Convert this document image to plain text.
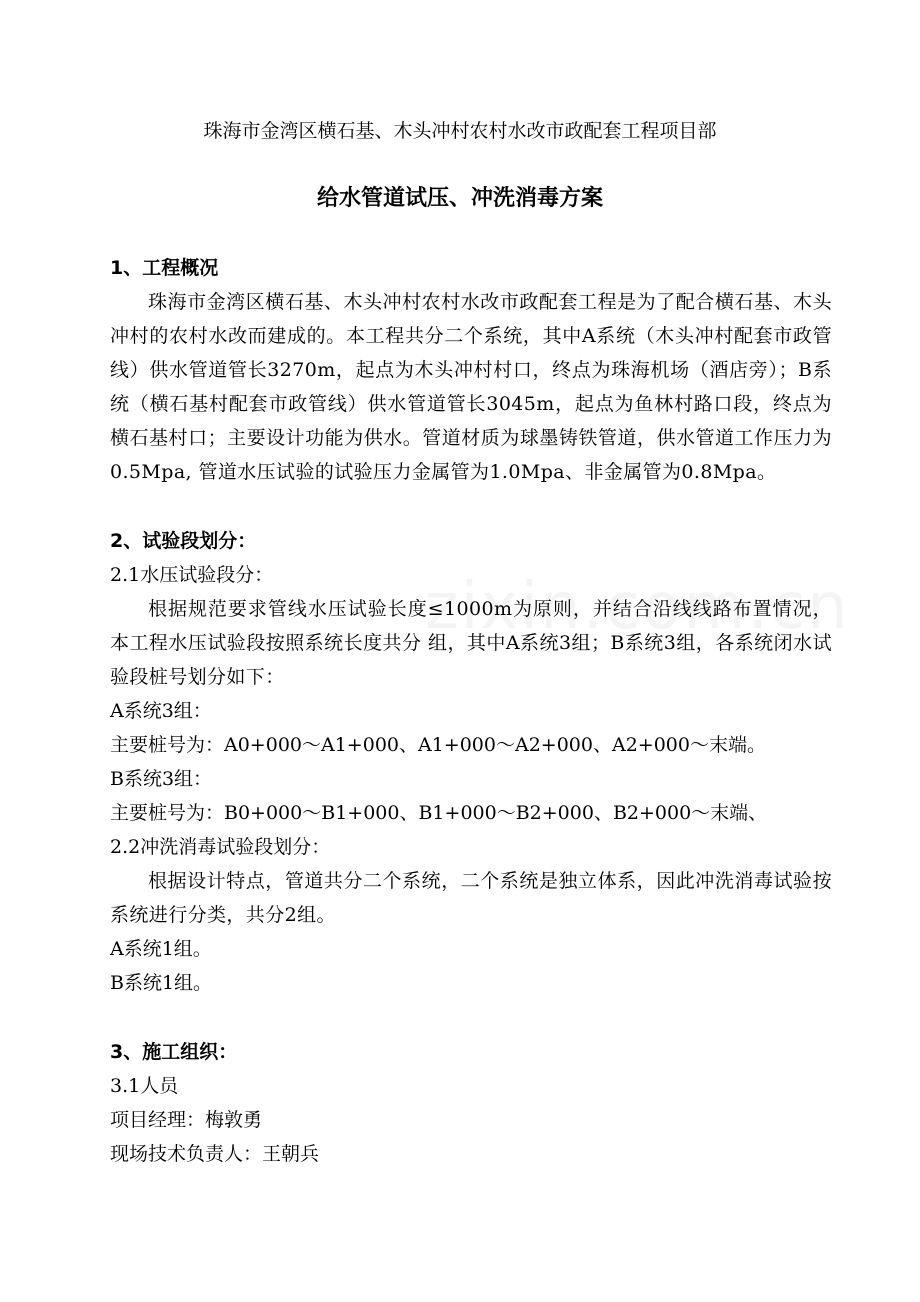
珠海市金湾区横石基、木头冲村农村水改市政配套工程项目部
给水管道试压、冲洗消毒方案
1、工程概况

珠海市金湾区横石基、木头冲村农村水改市政配套工程是为了配合横石基、木头冲村的农村水改而建成的。本工程共分二个系统，其中A系统（木头冲村配套市政管线）供水管道管长3270m，起点为木头冲村村口，终点为珠海机场（酒店旁）；B系统（横石基村配套市政管线）供水管道管长3045m，起点为鱼林村路口段，终点为横石基村口；主要设计功能为供水。管道材质为球墨铸铁管道，供水管道工作压力为0.5Mpa, 管道水压试验的试验压力金属管为1.0Mpa、非金属管为0.8Mpa。

2、试验段划分：

2.1水压试验段分：

根据规范要求管线水压试验长度≤1000m为原则，并结合沿线线路布置情况，本工程水压试验段按照系统长度共分 组，其中A系统3组；B系统3组，各系统闭水试验段桩号划分如下：

A系统3组：

主要桩号为：A0+000～A1+000、A1+000～A2+000、A2+000～末端。

B系统3组：

主要桩号为：B0+000～B1+000、B1+000～B2+000、B2+000～末端、

2.2冲洗消毒试验段划分：

根据设计特点，管道共分二个系统，二个系统是独立体系，因此冲洗消毒试验按系统进行分类，共分2组。

A系统1组。

B系统1组。

3、施工组织：

3.1人员

项目经理：梅敦勇

现场技术负责人：王朝兵
